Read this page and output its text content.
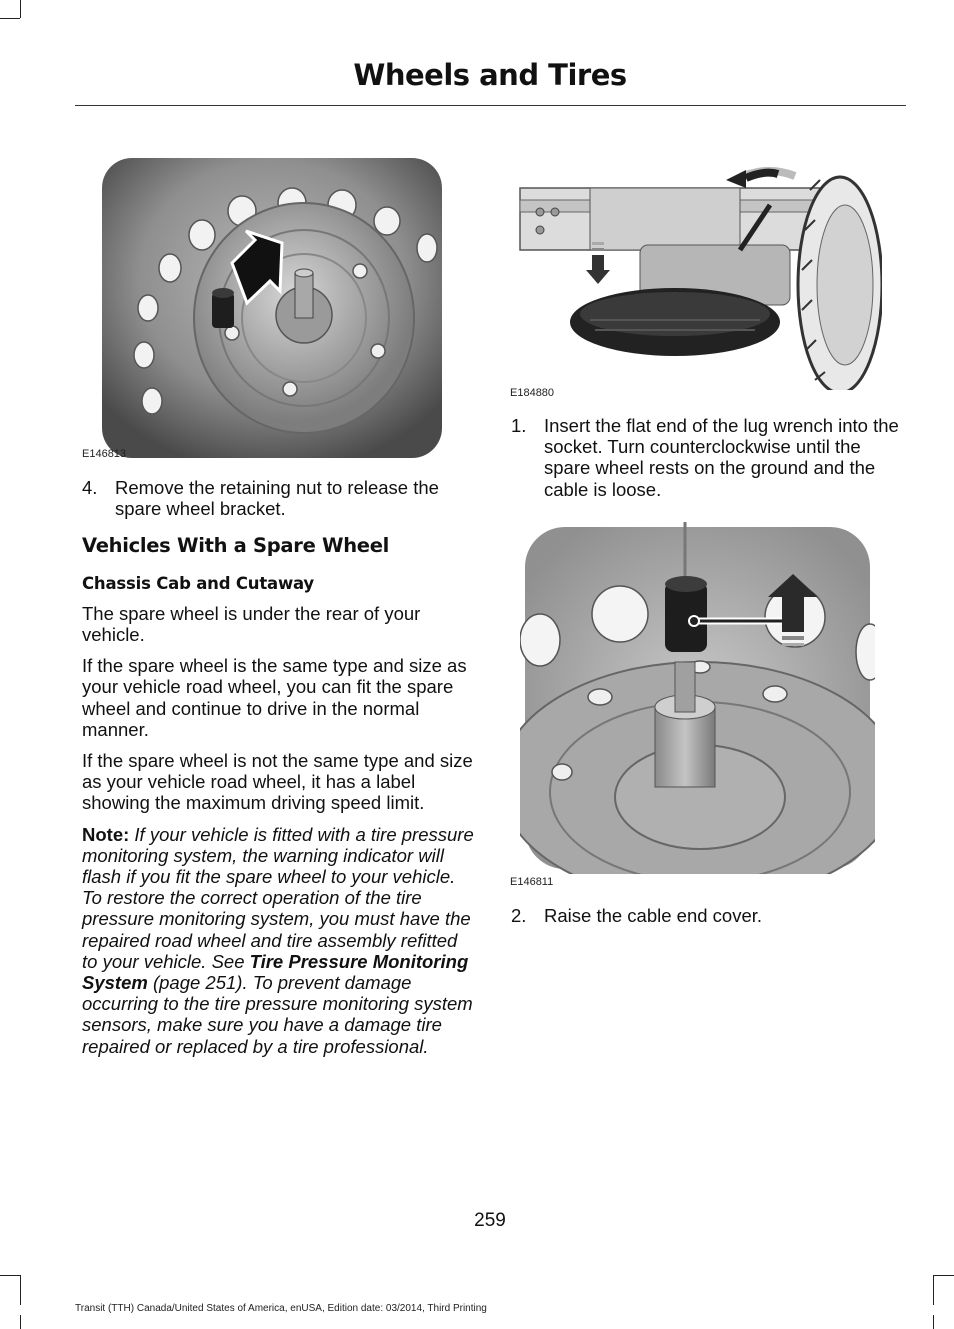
Wheels and Tires
E146813
E184880
4. Remove the retaining nut to release the spare wheel bracket.
Vehicles With a Spare Wheel
Chassis Cab and Cutaway

The spare wheel is under the rear of your vehicle.

If the spare wheel is the same type and size as your vehicle road wheel, you can fit the spare wheel and continue to drive in the normal manner.

If the spare wheel is not the same type and size as your vehicle road wheel, it has a label showing the maximum driving speed limit.

Note: If your vehicle is fitted with a tire pressure monitoring system, the warning indicator will flash if you fit the spare wheel to your vehicle. To restore the correct operation of the tire pressure monitoring system, you must have the repaired road wheel and tire assembly refitted to your vehicle. See Tire Pressure Monitoring System (page 251). To prevent damage occurring to the tire pressure monitoring system sensors, make sure you have a damage tire repaired or replaced by a tire professional.

1. Insert the flat end of the lug wrench into the socket. Turn counterclockwise until the spare wheel rests on the ground and the cable is loose.
E146811
2. Raise the cable end cover.
259
Transit (TTH) Canada/United States of America, enUSA, Edition date: 03/2014, Third Printing
